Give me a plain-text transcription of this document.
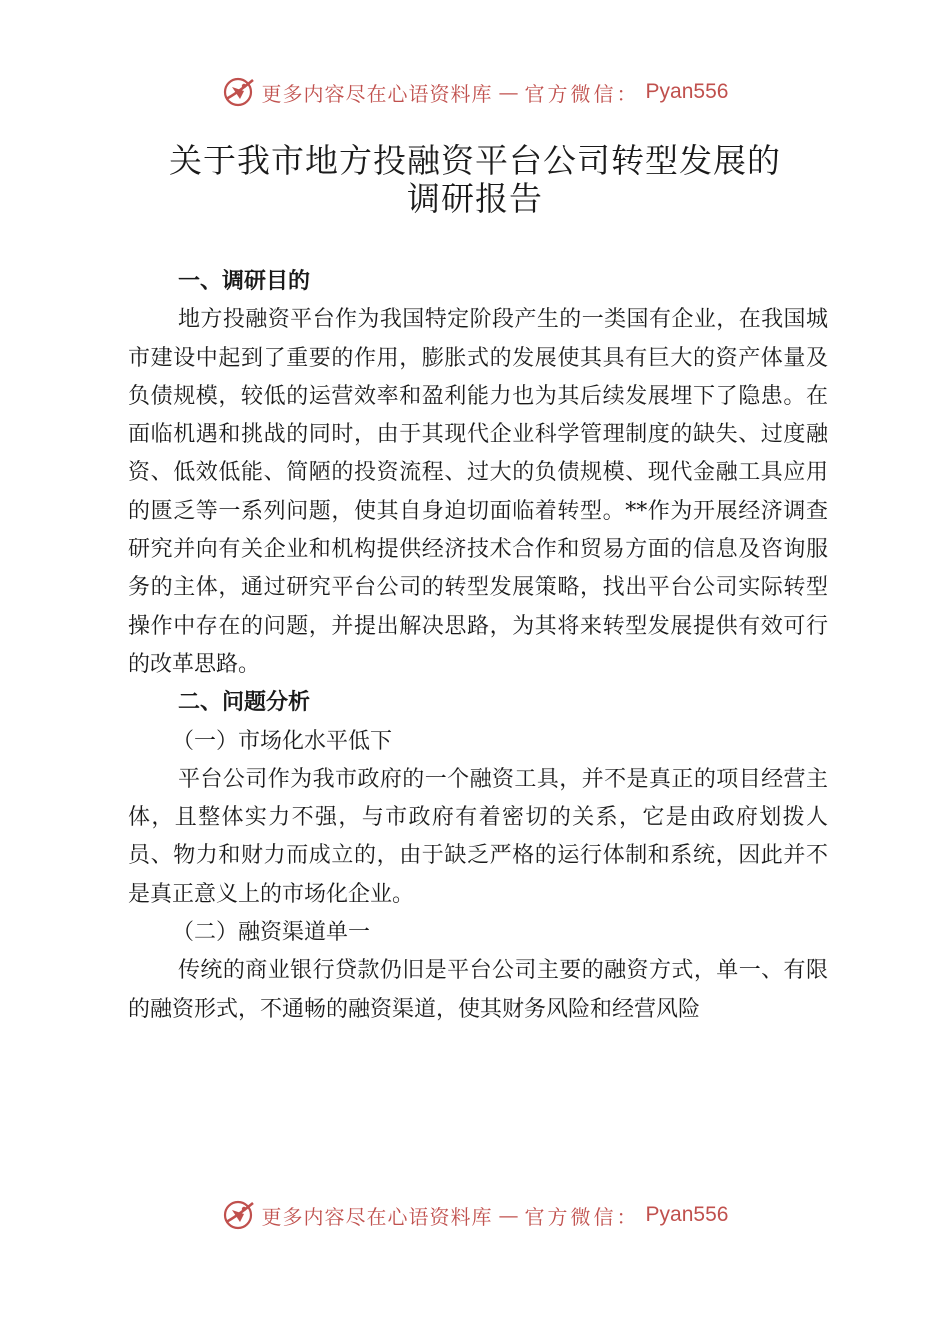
更多内容尽在心语资料库 — 官方微信： Pyan556
关于我市地方投融资平台公司转型发展的
调研报告

一、调研目的

地方投融资平台作为我国特定阶段产生的一类国有企业，在我国城市建设中起到了重要的作用，膨胀式的发展使其具有巨大的资产体量及负债规模，较低的运营效率和盈利能力也为其后续发展埋下了隐患。在面临机遇和挑战的同时，由于其现代企业科学管理制度的缺失、过度融资、低效低能、简陋的投资流程、过大的负债规模、现代金融工具应用的匮乏等一系列问题，使其自身迫切面临着转型。**作为开展经济调查研究并向有关企业和机构提供经济技术合作和贸易方面的信息及咨询服务的主体，通过研究平台公司的转型发展策略，找出平台公司实际转型操作中存在的问题，并提出解决思路，为其将来转型发展提供有效可行的改革思路。

二、问题分析

（一）市场化水平低下

平台公司作为我市政府的一个融资工具，并不是真正的项目经营主体，且整体实力不强，与市政府有着密切的关系，它是由政府划拨人员、物力和财力而成立的，由于缺乏严格的运行体制和系统，因此并不是真正意义上的市场化企业。

（二）融资渠道单一

传统的商业银行贷款仍旧是平台公司主要的融资方式，单一、有限的融资形式，不通畅的融资渠道，使其财务风险和经营风险

更多内容尽在心语资料库 — 官方微信： Pyan556
